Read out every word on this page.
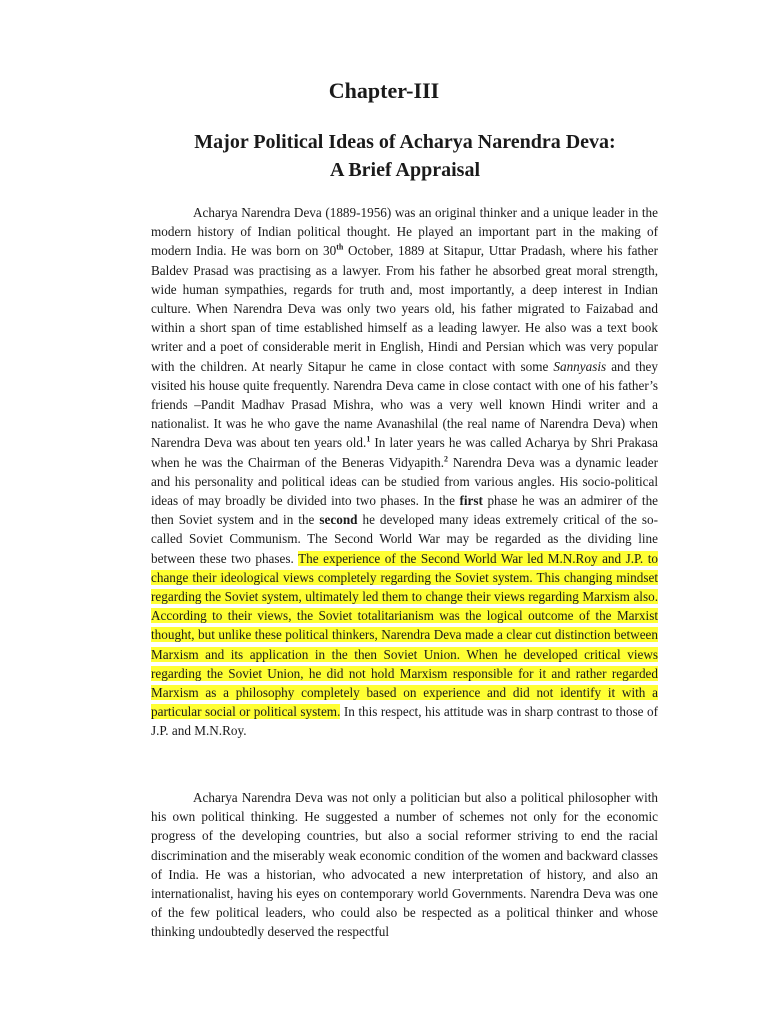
Chapter-III
Major Political Ideas of Acharya Narendra Deva:
A Brief Appraisal

Acharya Narendra Deva (1889-1956) was an original thinker and a unique leader in the modern history of Indian political thought. He played an important part in the making of modern India. He was born on 30th October, 1889 at Sitapur, Uttar Pradash, where his father Baldev Prasad was practising as a lawyer. From his father he absorbed great moral strength, wide human sympathies, regards for truth and, most importantly, a deep interest in Indian culture. When Narendra Deva was only two years old, his father migrated to Faizabad and within a short span of time established himself as a leading lawyer. He also was a text book writer and a poet of considerable merit in English, Hindi and Persian which was very popular with the children. At nearly Sitapur he came in close contact with some Sannyasis and they visited his house quite frequently. Narendra Deva came in close contact with one of his father’s friends –Pandit Madhav Prasad Mishra, who was a very well known Hindi writer and a nationalist. It was he who gave the name Avanashilal (the real name of Narendra Deva) when Narendra Deva was about ten years old.$^1$ In later years he was called Acharya by Shri Prakasa when he was the Chairman of the Beneras Vidyapith.$^2$ Narendra Deva was a dynamic leader and his personality and political ideas can be studied from various angles. His socio-political ideas of may broadly be divided into two phases. In the first phase he was an admirer of the then Soviet system and in the second he developed many ideas extremely critical of the so-called Soviet Communism. The Second World War may be regarded as the dividing line between these two phases. The experience of the Second World War led M.N.Roy and J.P. to change their ideological views completely regarding the Soviet system. This changing mindset regarding the Soviet system, ultimately led them to change their views regarding Marxism also. According to their views, the Soviet totalitarianism was the logical outcome of the Marxist thought, but unlike these political thinkers, Narendra Deva made a clear cut distinction between Marxism and its application in the then Soviet Union. When he developed critical views regarding the Soviet Union, he did not hold Marxism responsible for it and rather regarded Marxism as a philosophy completely based on experience and did not identify it with a particular social or political system. In this respect, his attitude was in sharp contrast to those of J.P. and M.N.Roy.

Acharya Narendra Deva was not only a politician but also a political philosopher with his own political thinking. He suggested a number of schemes not only for the economic progress of the developing countries, but also a social reformer striving to end the racial discrimination and the miserably weak economic condition of the women and backward classes of India. He was a historian, who advocated a new interpretation of history, and also an internationalist, having his eyes on contemporary world Governments. Narendra Deva was one of the few political leaders, who could also be respected as a political thinker and whose thinking undoubtedly deserved the respectful
